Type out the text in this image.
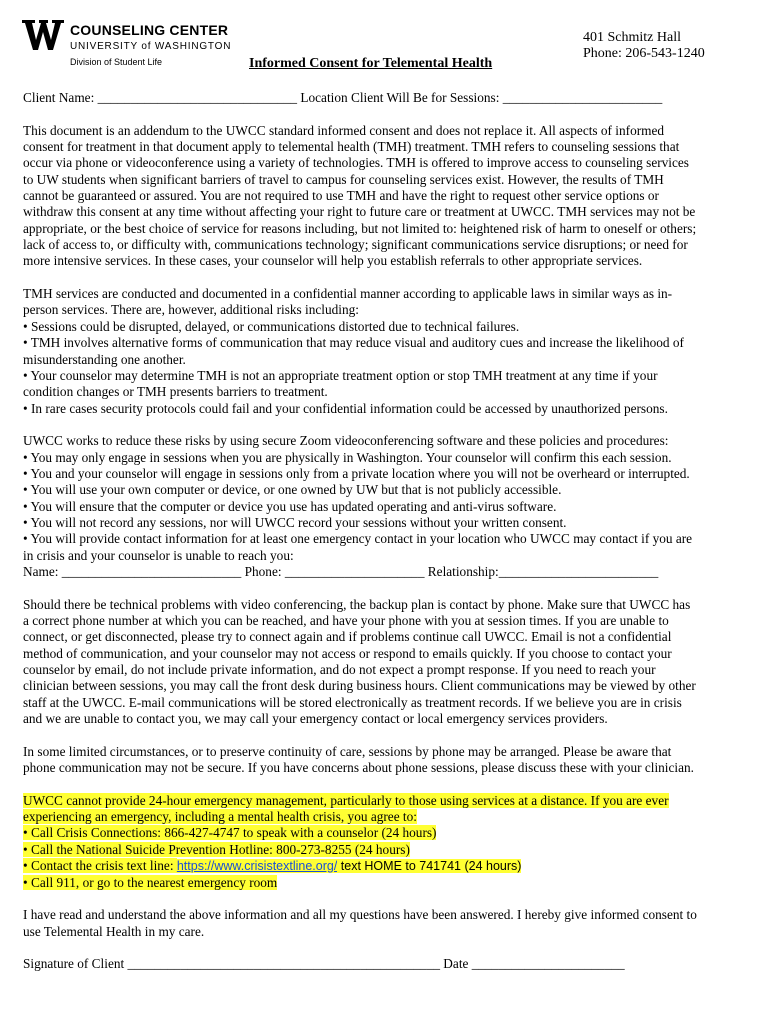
COUNSELING CENTER
UNIVERSITY of WASHINGTON
Division of Student Life
401 Schmitz Hall
Phone: 206-543-1240
Informed Consent for Telemental Health

Client Name: ______________________________ Location Client Will Be for Sessions: ________________________

This document is an addendum to the UWCC standard informed consent and does not replace it. All aspects of informed
consent for treatment in that document apply to telemental health (TMH) treatment. TMH refers to counseling sessions that
occur via phone or videoconference using a variety of technologies. TMH is offered to improve access to counseling services
to UW students when significant barriers of travel to campus for counseling services exist. However, the results of TMH
cannot be guaranteed or assured. You are not required to use TMH and have the right to request other service options or
withdraw this consent at any time without affecting your right to future care or treatment at UWCC. TMH services may not be
appropriate, or the best choice of service for reasons including, but not limited to: heightened risk of harm to oneself or others;
lack of access to, or difficulty with, communications technology; significant communications service disruptions; or need for
more intensive services. In these cases, your counselor will help you establish referrals to other appropriate services.

TMH services are conducted and documented in a confidential manner according to applicable laws in similar ways as in-
person services. There are, however, additional risks including:
• Sessions could be disrupted, delayed, or communications distorted due to technical failures.
• TMH involves alternative forms of communication that may reduce visual and auditory cues and increase the likelihood of
misunderstanding one another.
• Your counselor may determine TMH is not an appropriate treatment option or stop TMH treatment at any time if your
condition changes or TMH presents barriers to treatment.
• In rare cases security protocols could fail and your confidential information could be accessed by unauthorized persons.

UWCC works to reduce these risks by using secure Zoom videoconferencing software and these policies and procedures:
• You may only engage in sessions when you are physically in Washington. Your counselor will confirm this each session.
• You and your counselor will engage in sessions only from a private location where you will not be overheard or interrupted.
• You will use your own computer or device, or one owned by UW but that is not publicly accessible.
• You will ensure that the computer or device you use has updated operating and anti-virus software.
• You will not record any sessions, nor will UWCC record your sessions without your written consent.
• You will provide contact information for at least one emergency contact in your location who UWCC may contact if you are
in crisis and your counselor is unable to reach you:
Name: ___________________________ Phone: _____________________ Relationship:________________________

Should there be technical problems with video conferencing, the backup plan is contact by phone. Make sure that UWCC has
a correct phone number at which you can be reached, and have your phone with you at session times. If you are unable to
connect, or get disconnected, please try to connect again and if problems continue call UWCC. Email is not a confidential
method of communication, and your counselor may not access or respond to emails quickly. If you choose to contact your
counselor by email, do not include private information, and do not expect a prompt response. If you need to reach your
clinician between sessions, you may call the front desk during business hours. Client communications may be viewed by other
staff at the UWCC. E-mail communications will be stored electronically as treatment records. If we believe you are in crisis
and we are unable to contact you, we may call your emergency contact or local emergency services providers.

In some limited circumstances, or to preserve continuity of care, sessions by phone may be arranged. Please be aware that
phone communication may not be secure. If you have concerns about phone sessions, please discuss these with your clinician.

UWCC cannot provide 24-hour emergency management, particularly to those using services at a distance. If you are ever
experiencing an emergency, including a mental health crisis, you agree to:
• Call Crisis Connections: 866-427-4747 to speak with a counselor (24 hours)
• Call the National Suicide Prevention Hotline: 800-273-8255 (24 hours)
• Contact the crisis text line: https://www.crisistextline.org/ text HOME to 741741 (24 hours)
• Call 911, or go to the nearest emergency room

I have read and understand the above information and all my questions have been answered. I hereby give informed consent to
use Telemental Health in my care.

Signature of Client _______________________________________________ Date _______________________
